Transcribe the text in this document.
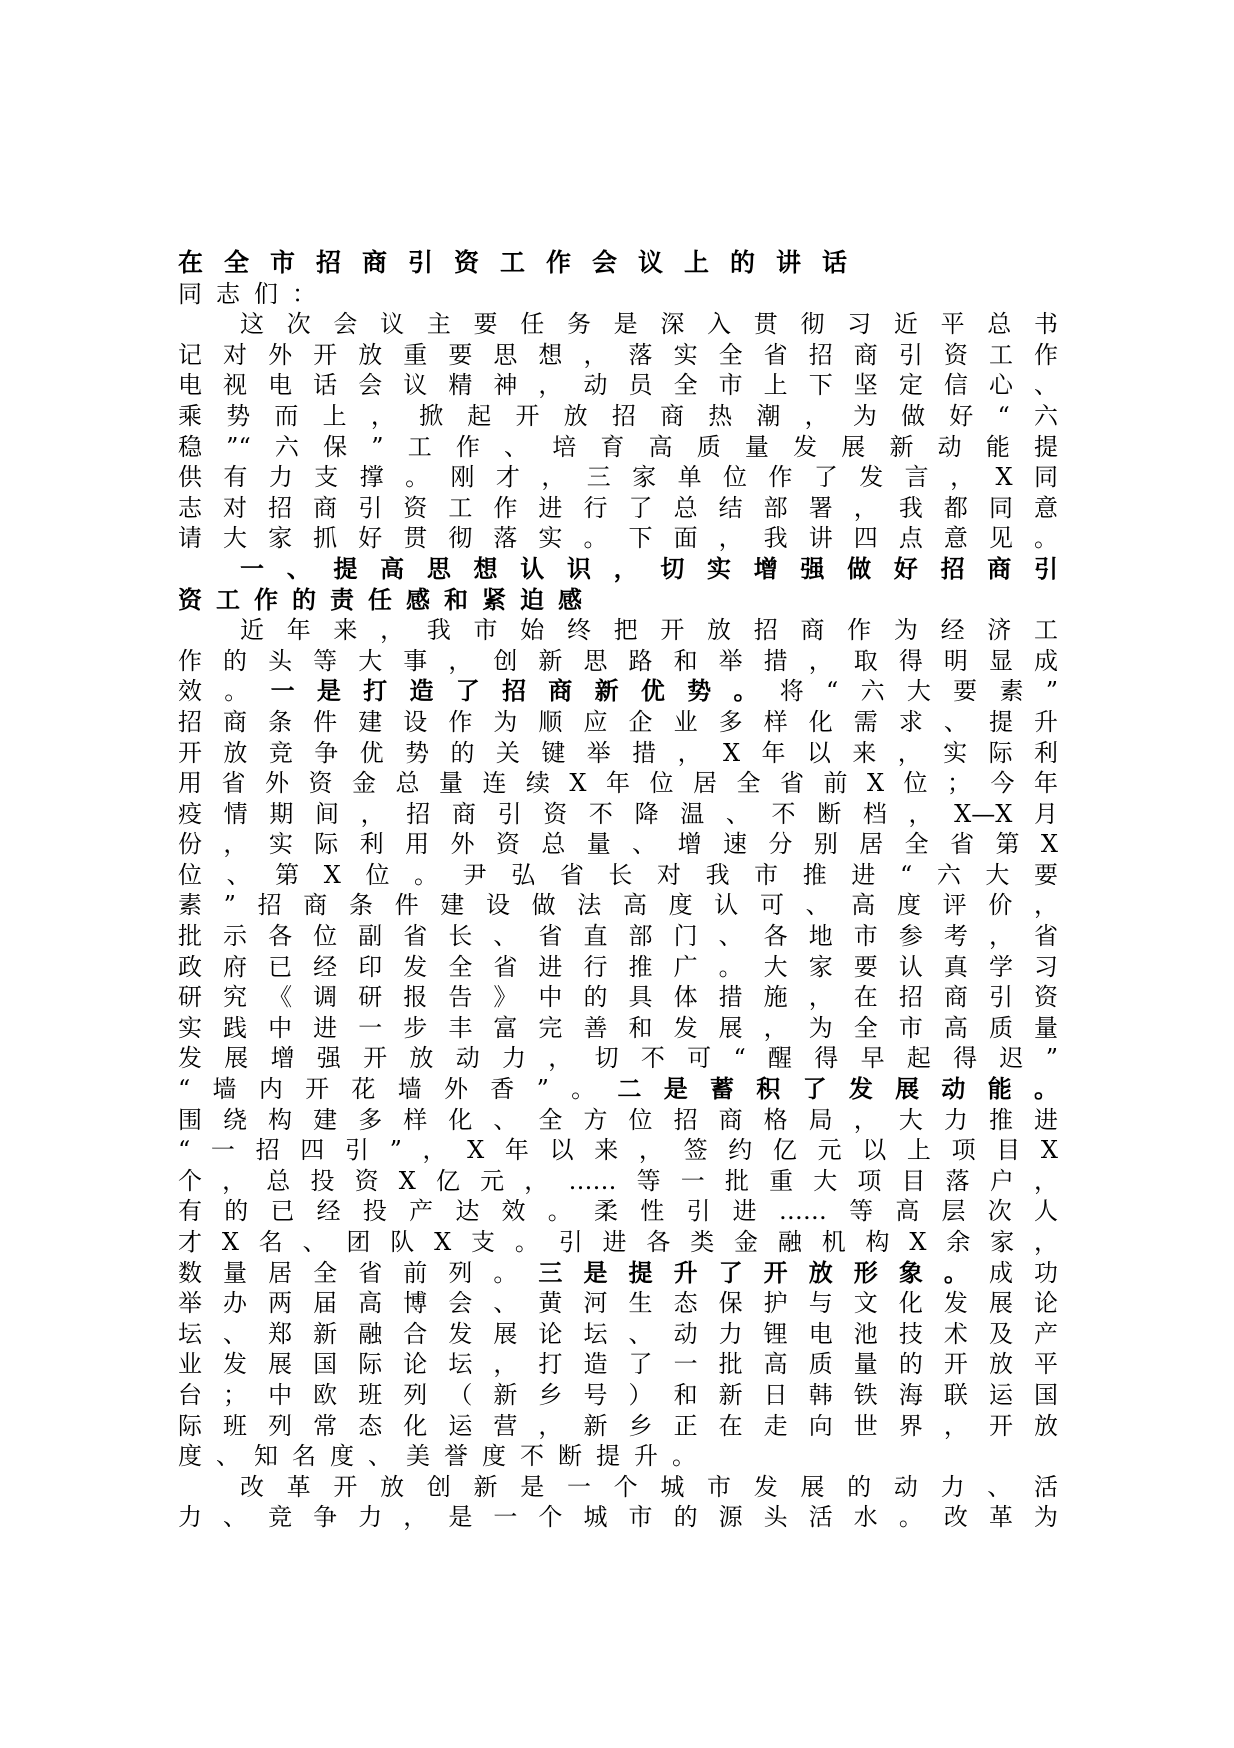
在全市招商引资工作会议上的讲话
同志们：
这次会议主要任务是深入贯彻习近平总书
记对外开放重要思想，落实全省招商引资工作
电视电话会议精神，动员全市上下坚定信心、
乘势而上，掀起开放招商热潮，为做好“六
稳”“六保”工作、培育高质量发展新动能提
供有力支撑。刚才，三家单位作了发言，X同
志对招商引资工作进行了总结部署，我都同意
请大家抓好贯彻落实。下面，我讲四点意见。
一、提高思想认识，切实增强做好招商引
资工作的责任感和紧迫感
近年来，我市始终把开放招商作为经济工
作的头等大事，创新思路和举措，取得明显成
效。一是打造了招商新优势。将“六大要素”
招商条件建设作为顺应企业多样化需求、提升
开放竞争优势的关键举措，X年以来，实际利
用省外资金总量连续X年位居全省前X位；今年
疫情期间，招商引资不降温、不断档，X—X月
份，实际利用外资总量、增速分别居全省第X
位、第X位。尹弘省长对我市推进“六大要
素”招商条件建设做法高度认可、高度评价，
批示各位副省长、省直部门、各地市参考，省
政府已经印发全省进行推广。大家要认真学习
研究《调研报告》中的具体措施，在招商引资
实践中进一步丰富完善和发展，为全市高质量
发展增强开放动力，切不可“醒得早起得迟”
“墙内开花墙外香”。二是蓄积了发展动能。
围绕构建多样化、全方位招商格局，大力推进
“一招四引”，X年以来，签约亿元以上项目X
个，总投资X亿元，……等一批重大项目落户，
有的已经投产达效。柔性引进……等高层次人
才X名、团队X支。引进各类金融机构X余家，
数量居全省前列。三是提升了开放形象。成功
举办两届高博会、黄河生态保护与文化发展论
坛、郑新融合发展论坛、动力锂电池技术及产
业发展国际论坛，打造了一批高质量的开放平
台；中欧班列（新乡号）和新日韩铁海联运国
际班列常态化运营，新乡正在走向世界，开放
度、知名度、美誉度不断提升。
改革开放创新是一个城市发展的动力、活
力、竞争力，是一个城市的源头活水。改革为
